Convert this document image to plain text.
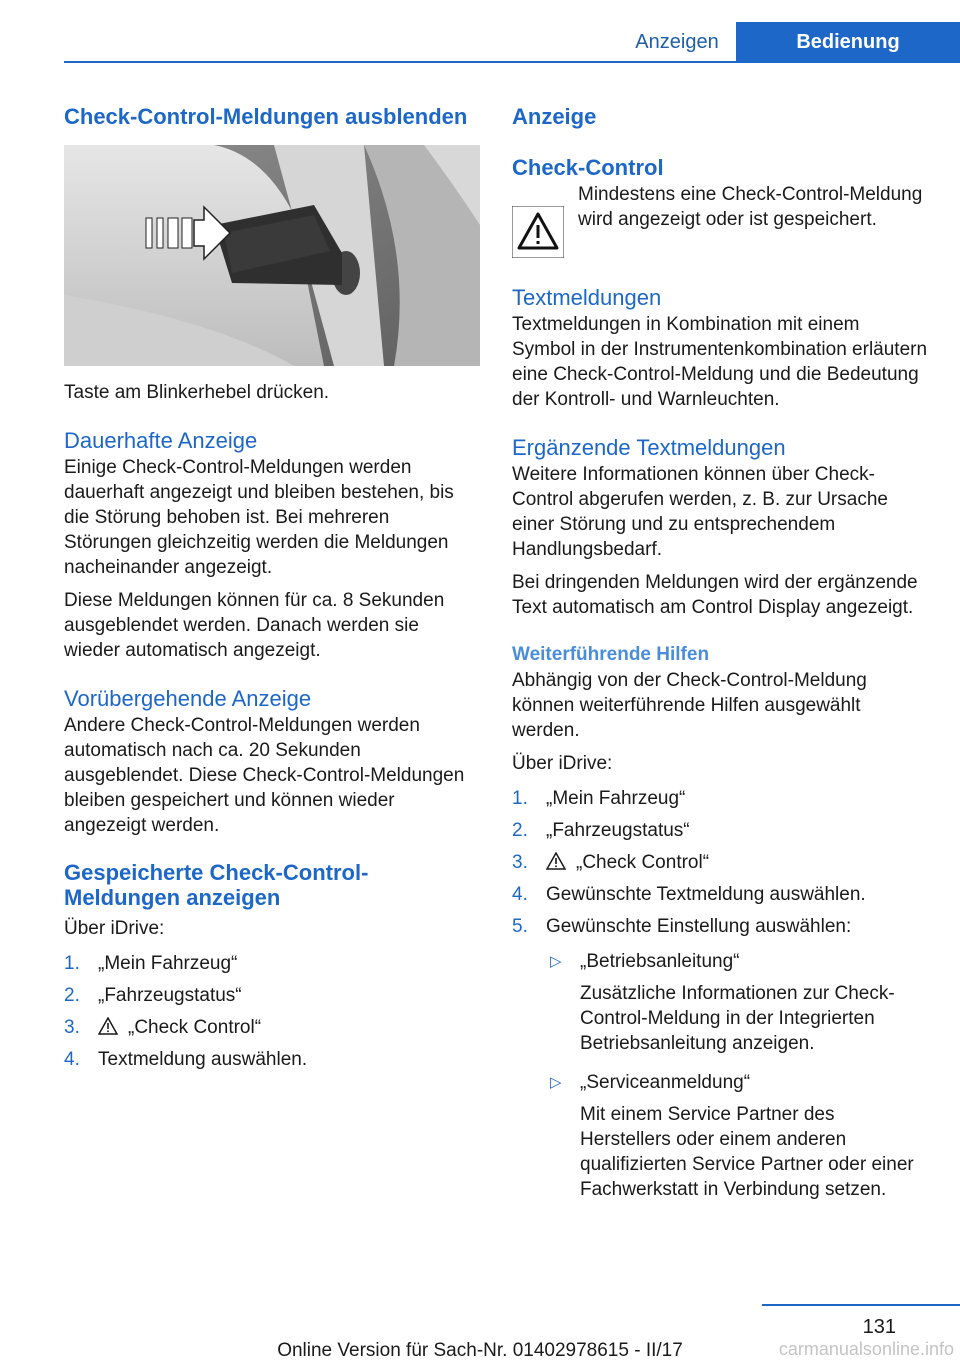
Anzeigen	Bedienung
Check-Control-Meldungen ausblenden

Taste am Blinkerhebel drücken.

Dauerhafte Anzeige

Einige Check-Control-Meldungen werden dauerhaft angezeigt und bleiben bestehen, bis die Störung behoben ist. Bei mehreren Störungen gleichzeitig werden die Meldungen nacheinander angezeigt.

Diese Meldungen können für ca. 8 Sekunden ausgeblendet werden. Danach werden sie wieder automatisch angezeigt.

Vorübergehende Anzeige

Andere Check-Control-Meldungen werden automatisch nach ca. 20 Sekunden ausgeblendet. Diese Check-Control-Meldungen bleiben gespeichert und können wieder angezeigt werden.

Gespeicherte Check-Control-Meldungen anzeigen

Über iDrive:

1. „Mein Fahrzeug“
2. „Fahrzeugstatus“
3.	„Check Control“
4. Textmeldung auswählen.
Anzeige
Check-Control
Mindestens eine Check-Control-Meldung wird angezeigt oder ist gespeichert.
Textmeldungen

Textmeldungen in Kombination mit einem Symbol in der Instrumentenkombination erläutern eine Check-Control-Meldung und die Bedeutung der Kontroll- und Warnleuchten.

Ergänzende Textmeldungen

Weitere Informationen können über Check-Control abgerufen werden, z. B. zur Ursache einer Störung und zu entsprechendem Handlungsbedarf.

Bei dringenden Meldungen wird der ergänzende Text automatisch am Control Display angezeigt.

Weiterführende Hilfen

Abhängig von der Check-Control-Meldung können weiterführende Hilfen ausgewählt werden.

Über iDrive:

1. „Mein Fahrzeug“
2. „Fahrzeugstatus“
3.	„Check Control“
4. Gewünschte Textmeldung auswählen.
5. Gewünschte Einstellung auswählen:
▷ „Betriebsanleitung“
Zusätzliche Informationen zur Check-Control-Meldung in der Integrierten Betriebsanleitung anzeigen.
▷ „Serviceanmeldung“
Mit einem Service Partner des Herstellers oder einem anderen qualifizierten Service Partner oder einer Fachwerkstatt in Verbindung setzen.
131
Online Version für Sach-Nr. 01402978615 - II/17	carmanualsonline.info
